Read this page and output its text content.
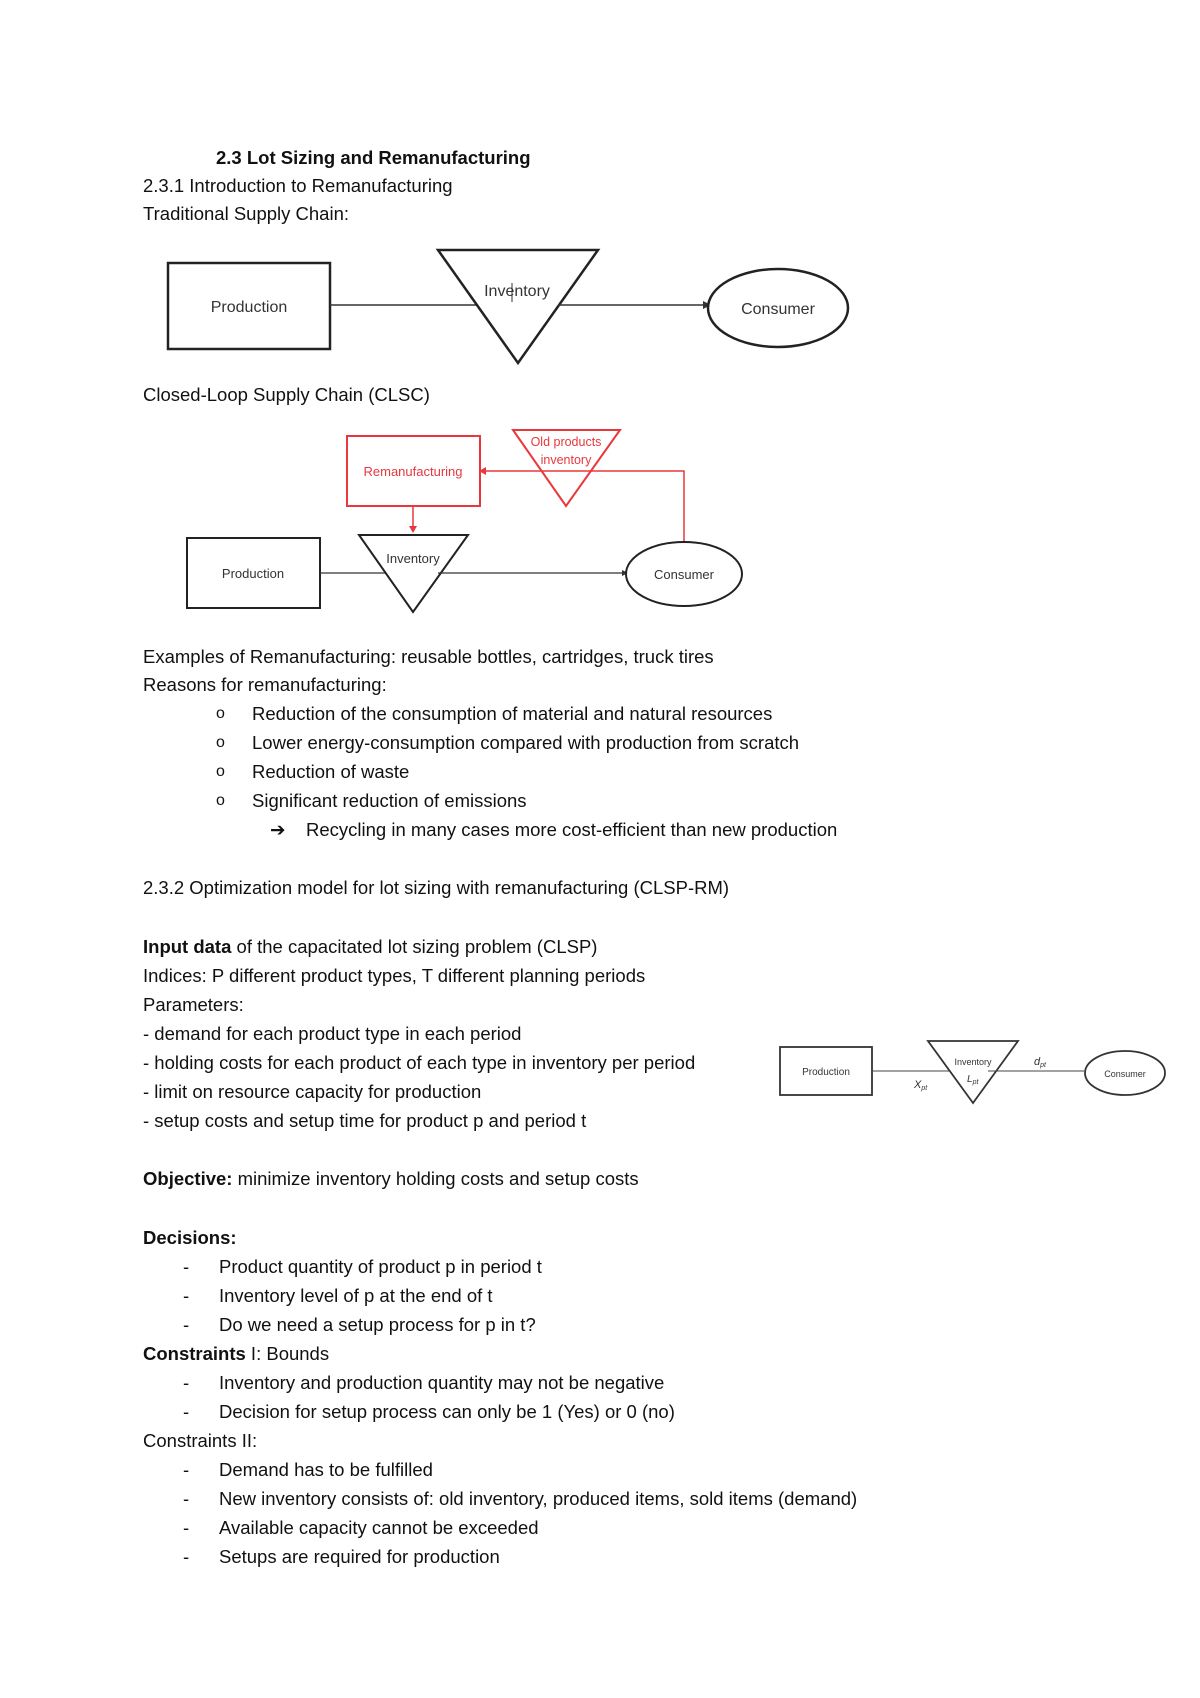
2.3 Lot Sizing and Remanufacturing
2.3.1 Introduction to Remanufacturing
Traditional Supply Chain:
Production
Inventory
Consumer
Closed-Loop Supply Chain (CLSC)
Remanufacturing
Old products
inventory
Production
Inventory
Consumer
Examples of Remanufacturing: reusable bottles, cartridges, truck tires
Reasons for remanufacturing:
o	Reduction of the consumption of material and natural resources
o	Lower energy-consumption compared with production from scratch
o	Reduction of waste
o	Significant reduction of emissions
➔	Recycling in many cases more cost-efficient than new production
2.3.2 Optimization model for lot sizing with remanufacturing (CLSP-RM)
Input data of the capacitated lot sizing problem (CLSP)
Indices: P different product types, T different planning periods
Parameters:
- demand for each product type in each period
- holding costs for each product of each type in inventory per period
- limit on resource capacity for production
- setup costs and setup time for product p and period t
Production
Xpt
Inventory
$L_{pt}$
dpt
Consumer
Objective: minimize inventory holding costs and setup costs
Decisions:
-	Product quantity of product p in period t
-	Inventory level of p at the end of t
-	Do we need a setup process for p in t?
Constraints I: Bounds
-	Inventory and production quantity may not be negative
-	Decision for setup process can only be 1 (Yes) or 0 (no)
Constraints II:
-	Demand has to be fulfilled
-	New inventory consists of: old inventory, produced items, sold items (demand)
-	Available capacity cannot be exceeded
-	Setups are required for production
